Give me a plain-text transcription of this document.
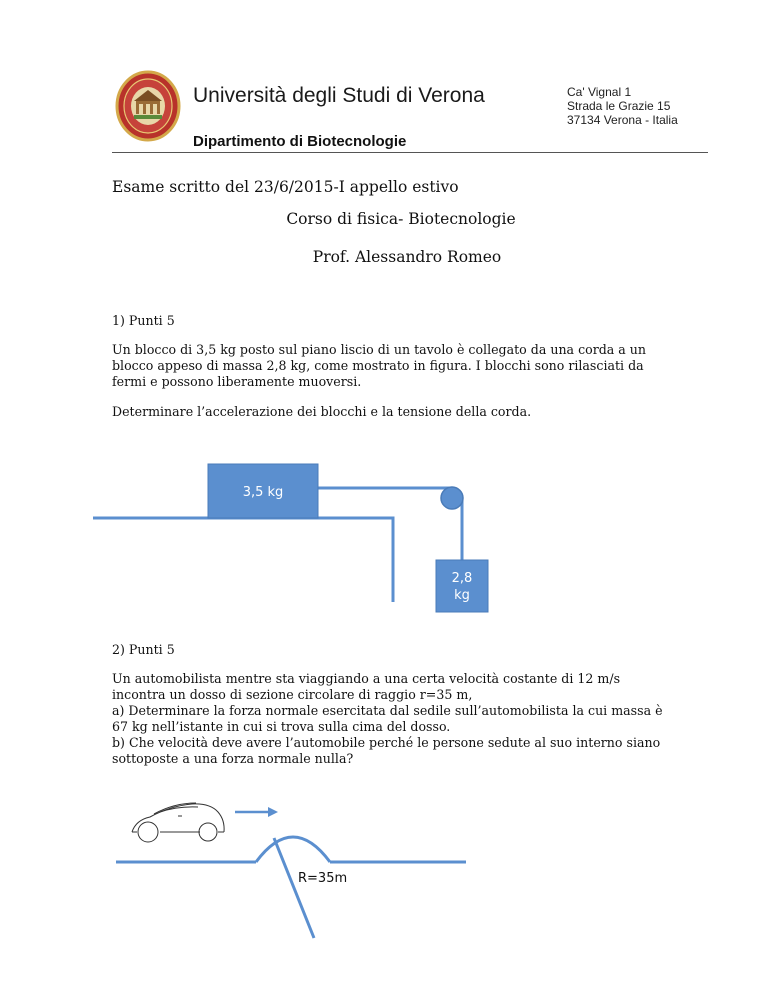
Università degli Studi di Verona	Ca' Vignal 1
Strada le Grazie 15
37134 Verona - Italia
Dipartimento di Biotecnologie
Esame scritto del 23/6/2015-I appello estivo
Corso di fisica- Biotecnologie
Prof. Alessandro Romeo
1) Punti 5
Un blocco di 3,5 kg posto sul piano liscio di un tavolo è collegato da una corda a un
blocco appeso di massa 2,8 kg, come mostrato in figura. I blocchi sono rilasciati da
fermi e possono liberamente muoversi.
Determinare l’accelerazione dei blocchi e la tensione della corda.
3,5 kg
2,8
kg
2) Punti 5
Un automobilista mentre sta viaggiando a una certa velocità costante di 12 m/s
incontra un dosso di sezione circolare di raggio r=35 m,
a) Determinare la forza normale esercitata dal sedile sull’automobilista la cui massa è
67 kg nell’istante in cui si trova sulla cima del dosso.
b) Che velocità deve avere l’automobile perché le persone sedute al suo interno siano
sottoposte a una forza normale nulla?
R=35m
